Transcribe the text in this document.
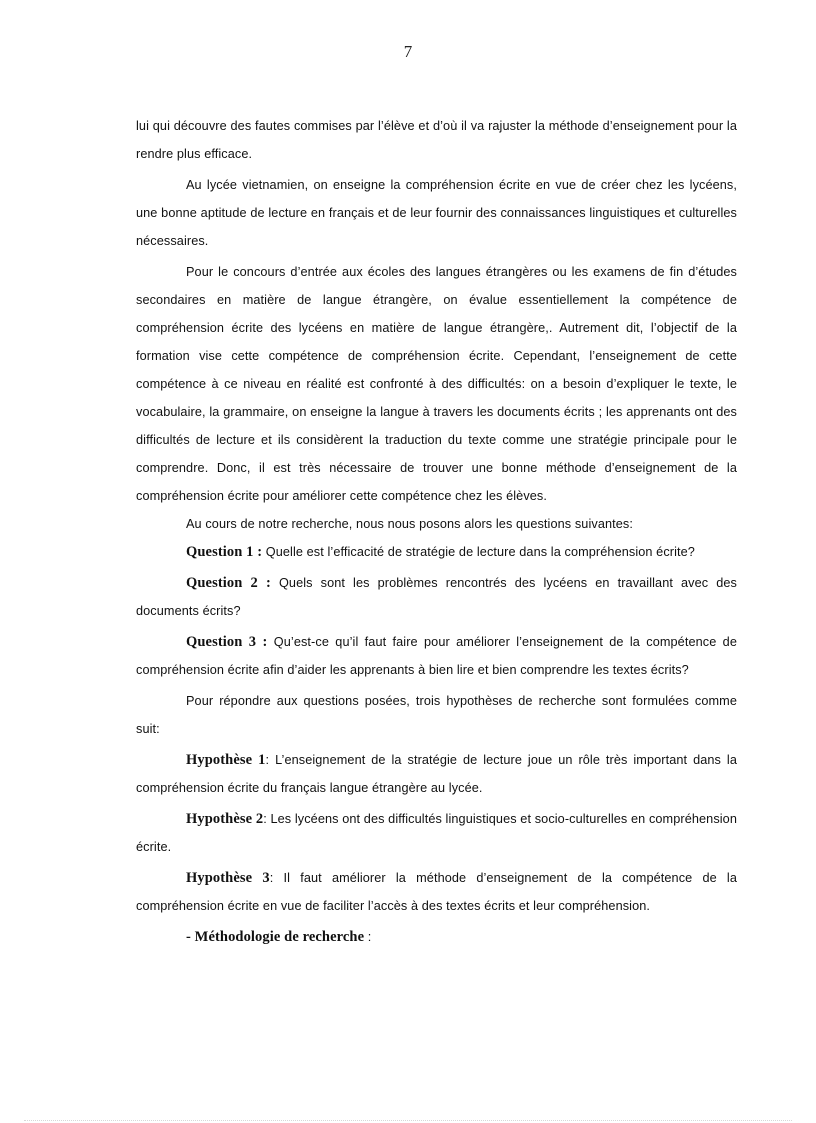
7

lui qui découvre des fautes commises par l’élève et d’où il va rajuster la méthode d’enseignement pour la rendre plus efficace.

Au lycée vietnamien, on enseigne la compréhension écrite en vue de créer chez les lycéens, une bonne aptitude de lecture en français et de leur fournir des connaissances linguistiques et culturelles nécessaires.

Pour le concours d’entrée aux écoles des langues étrangères ou les examens de fin d’études secondaires en matière de langue étrangère, on évalue essentiellement la compétence de compréhension écrite des lycéens en matière de langue étrangère,. Autrement dit, l’objectif de la formation vise cette compétence de compréhension écrite. Cependant, l’enseignement de cette compétence à ce niveau en réalité est confronté à des difficultés: on a besoin d’expliquer le texte, le vocabulaire, la grammaire, on enseigne la langue à travers les documents écrits ; les apprenants ont des difficultés de lecture et ils considèrent la traduction du texte comme une stratégie principale pour le comprendre. Donc, il est très nécessaire de trouver une bonne méthode d’enseignement de la compréhension écrite pour améliorer cette compétence chez les élèves.

Au cours de notre recherche, nous nous posons alors les questions suivantes:

Question 1 : Quelle est l’efficacité de stratégie de lecture dans la compréhension écrite?

Question 2 : Quels sont les problèmes rencontrés des lycéens en travaillant avec des documents écrits?

Question 3 : Qu’est-ce qu’il faut faire pour améliorer l’enseignement de la compétence de compréhension écrite afin d’aider les apprenants à bien lire et bien comprendre les textes écrits?

Pour répondre aux questions posées, trois hypothèses de recherche sont formulées comme suit:

Hypothèse 1: L’enseignement de la stratégie de lecture joue un rôle très important dans la compréhension écrite du français langue étrangère au lycée.

Hypothèse 2: Les lycéens ont des difficultés linguistiques et socio-culturelles en compréhension écrite.

Hypothèse 3: Il faut améliorer la méthode d’enseignement de la compétence de la compréhension écrite en vue de faciliter l’accès à des textes écrits et leur compréhension.

- Méthodologie de recherche :
